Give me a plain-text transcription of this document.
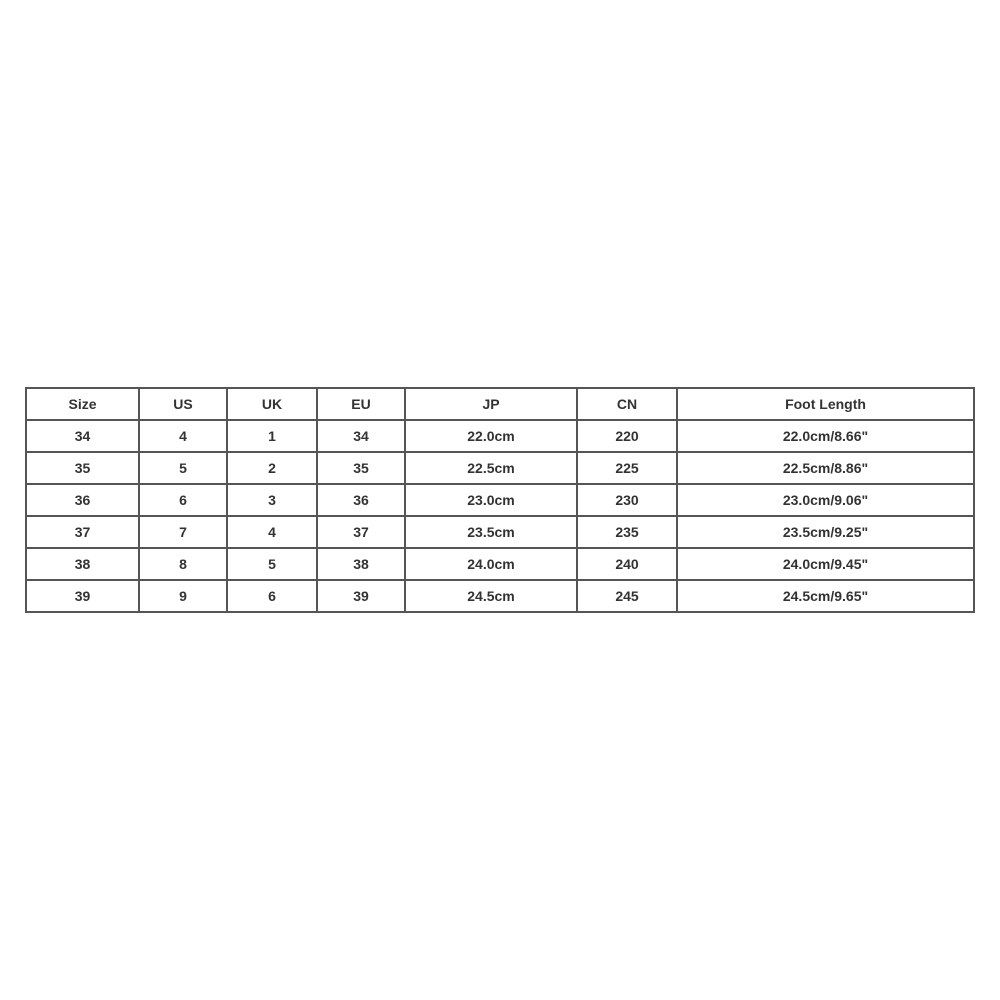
Size	US	UK	EU	JP	CN	Foot Length
34	4	1	34	22.0cm	220	22.0cm/8.66"
35	5	2	35	22.5cm	225	22.5cm/8.86"
36	6	3	36	23.0cm	230	23.0cm/9.06"
37	7	4	37	23.5cm	235	23.5cm/9.25"
38	8	5	38	24.0cm	240	24.0cm/9.45"
39	9	6	39	24.5cm	245	24.5cm/9.65"
